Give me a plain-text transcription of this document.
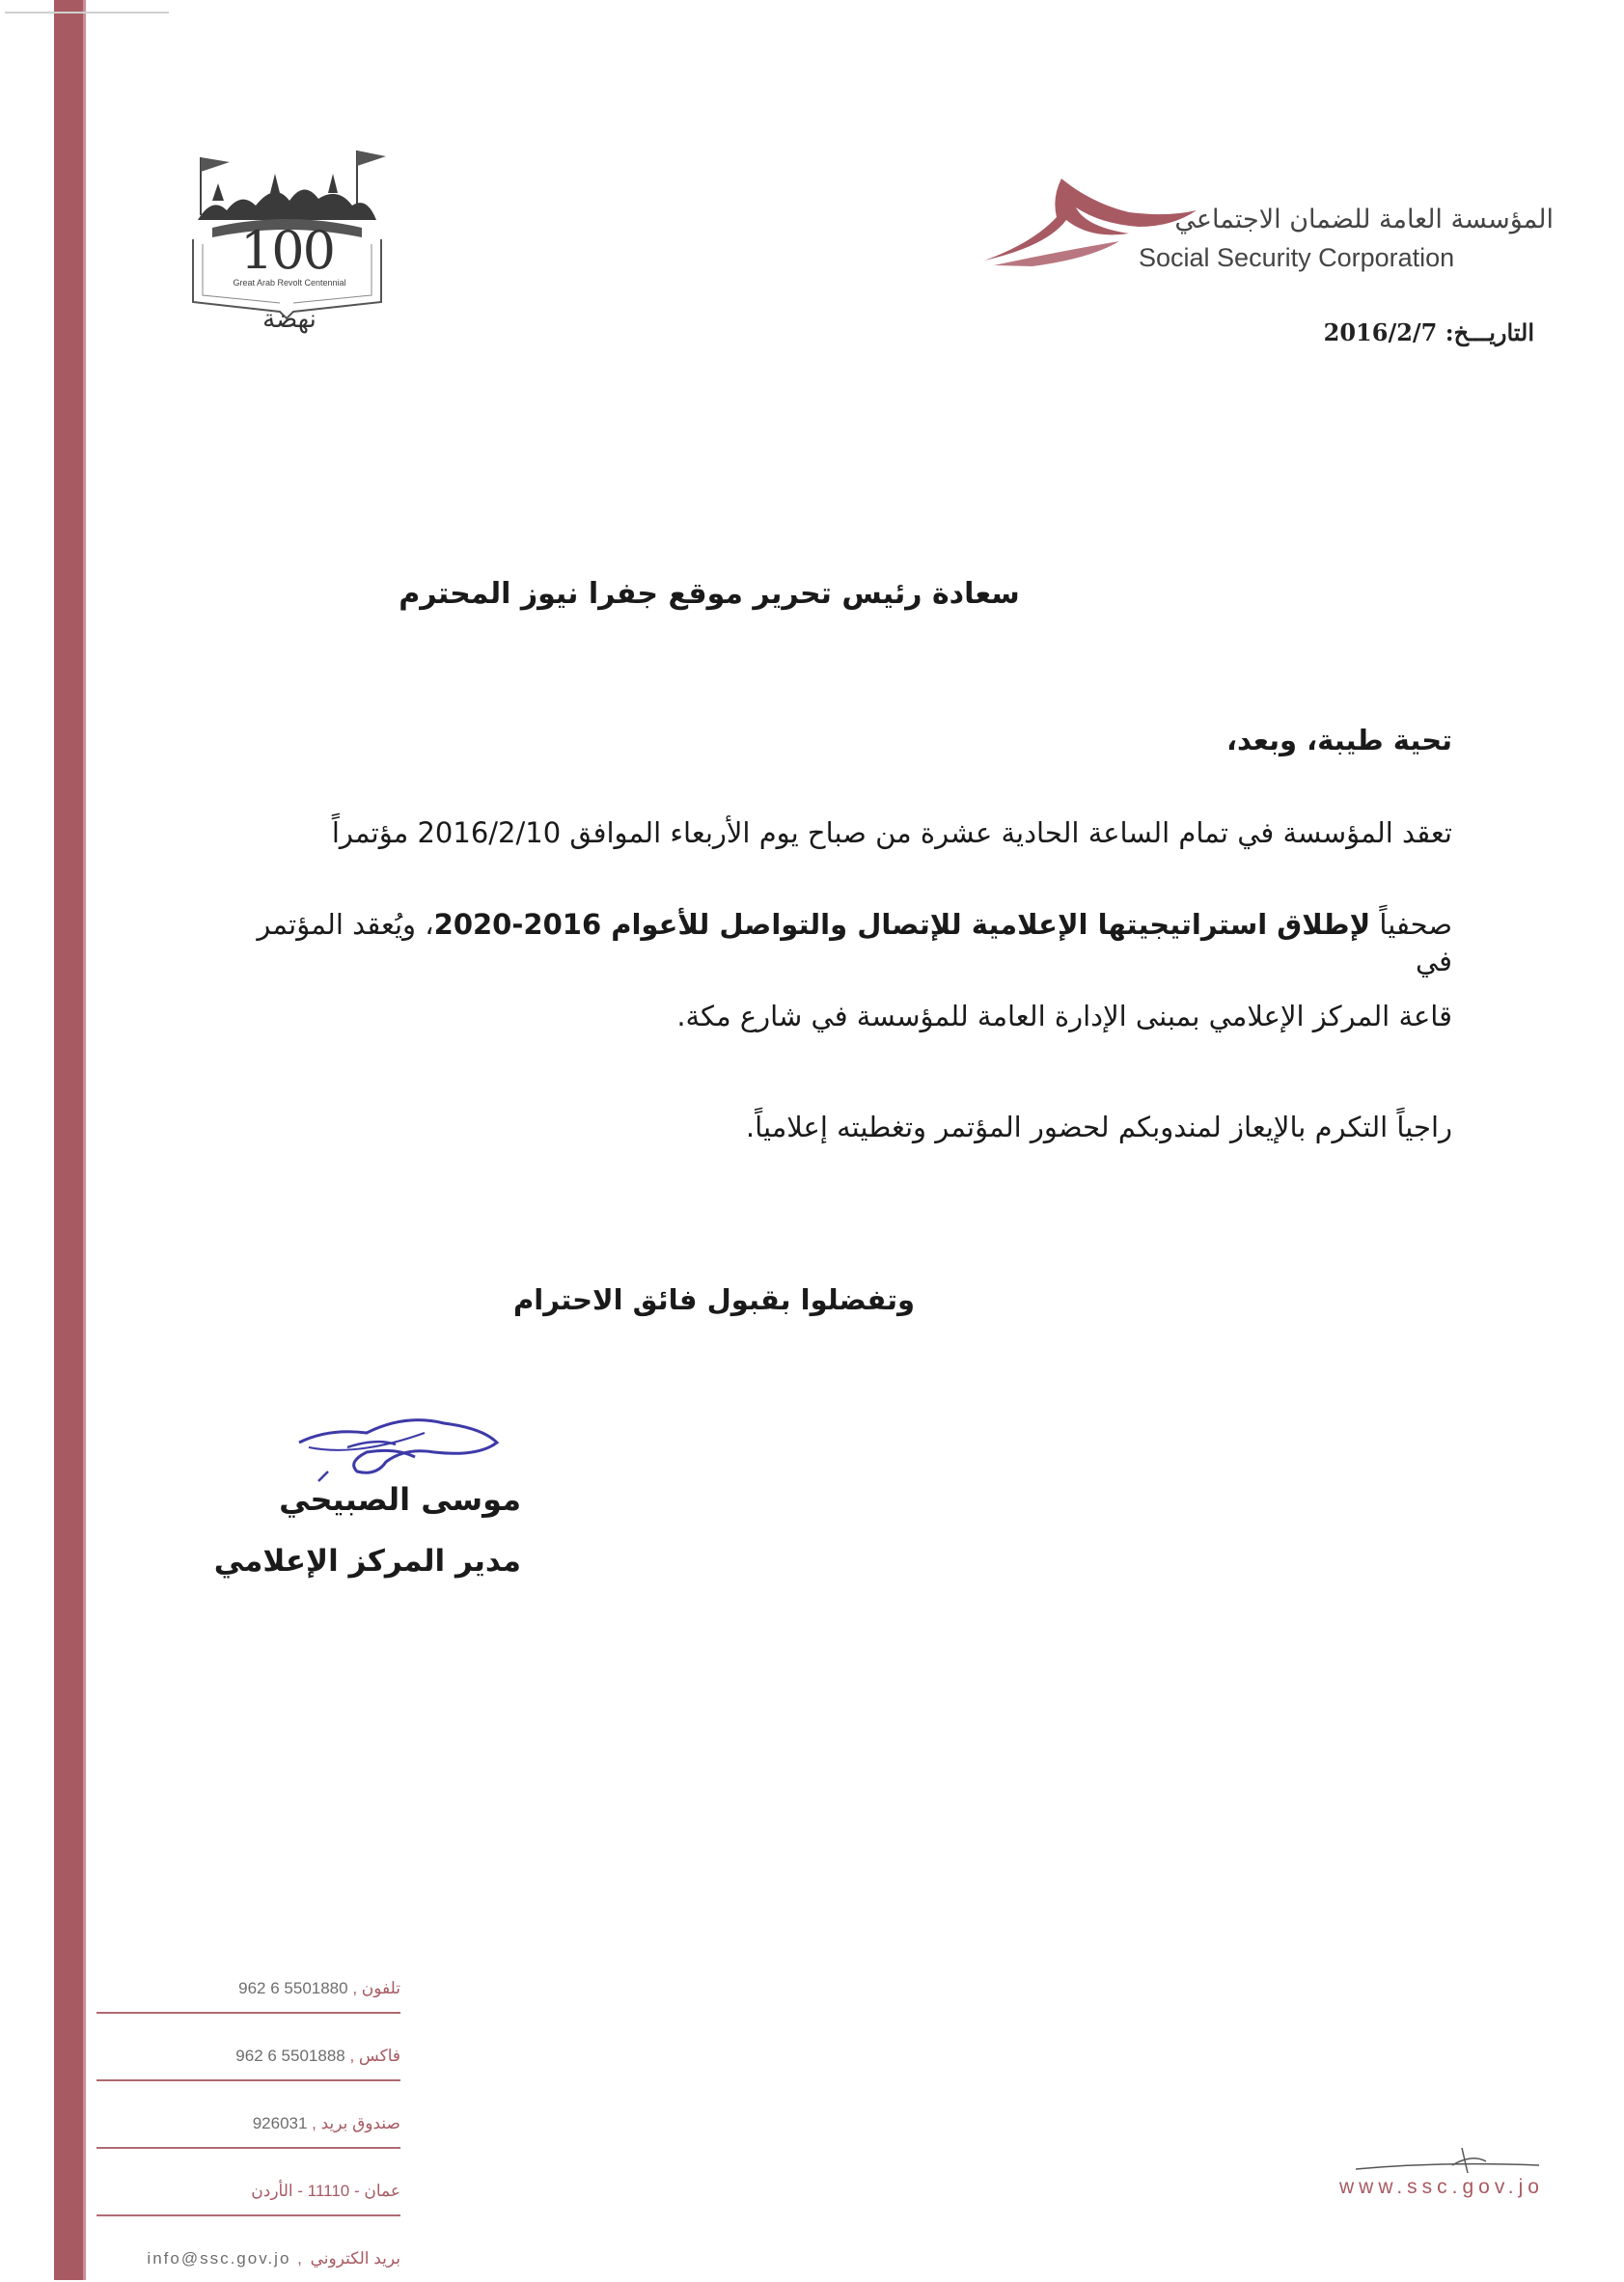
100
Great Arab Revolt Centennial
نهضة
المؤسسة العامة للضمان الاجتماعي
Social Security Corporation
التاريـــخ: 2016/2/7
سعادة رئيس تحرير موقع جفرا نيوز المحترم
تحية طيبة، وبعد،
تعقد المؤسسة في تمام الساعة الحادية عشرة من صباح يوم الأربعاء الموافق 2016/2/10 مؤتمراً
صحفياً لإطلاق استراتيجيتها الإعلامية للإتصال والتواصل للأعوام 2016-2020، ويُعقد المؤتمر في
قاعة المركز الإعلامي بمبنى الإدارة العامة للمؤسسة في شارع مكة.
راجياً التكرم بالإيعاز لمندوبكم لحضور المؤتمر وتغطيته إعلامياً.
وتفضلوا بقبول فائق الاحترام
موسى الصبيحي
مدير المركز الإعلامي
962 6 5501880 , تلفون
962 6 5501888 , فاكس
926031 , صندوق بريد
عمان - 11110 - الأردن
info@ssc.gov.jo , بريد الكتروني
www.ssc.gov.jo
